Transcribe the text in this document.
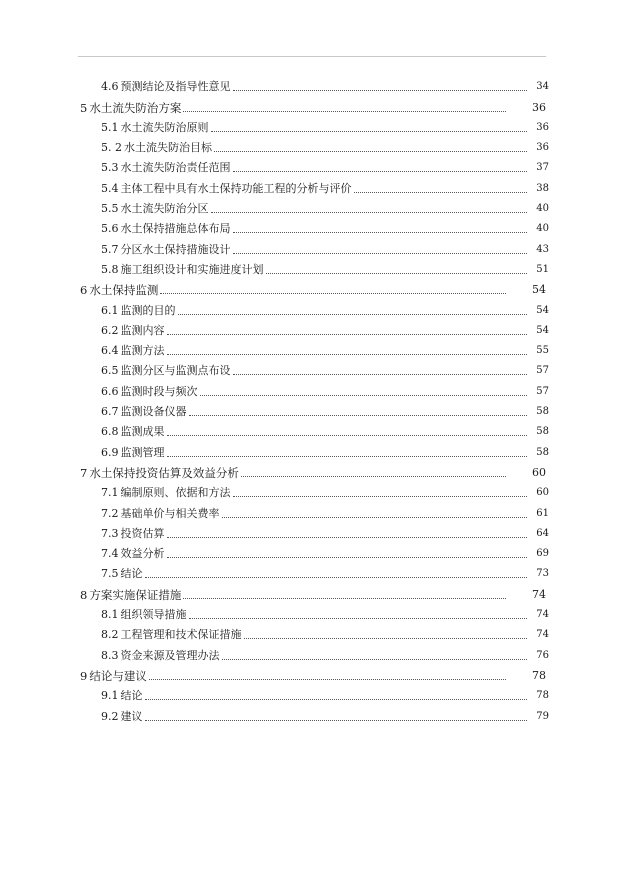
4.6 预测结论及指导性意见	34
5 水土流失防治方案	36
5.1 水土流失防治原则	36
5. 2 水土流失防治目标	36
5.3 水土流失防治责任范围	37
5.4 主体工程中具有水土保持功能工程的分析与评价	38
5.5 水土流失防治分区	40
5.6 水土保持措施总体布局	40
5.7 分区水土保持措施设计	43
5.8 施工组织设计和实施进度计划	51
6 水土保持监测	54
6.1 监测的目的	54
6.2 监测内容	54
6.4 监测方法	55
6.5 监测分区与监测点布设	57
6.6 监测时段与频次	57
6.7 监测设备仪器	58
6.8 监测成果	58
6.9 监测管理	58
7 水土保持投资估算及效益分析	60
7.1 编制原则、依据和方法	60
7.2 基础单价与相关费率	61
7.3 投资估算	64
7.4 效益分析	69
7.5 结论	73
8 方案实施保证措施	74
8.1 组织领导措施	74
8.2 工程管理和技术保证措施	74
8.3 资金来源及管理办法	76
9 结论与建议	78
9.1 结论	78
9.2 建议	79
